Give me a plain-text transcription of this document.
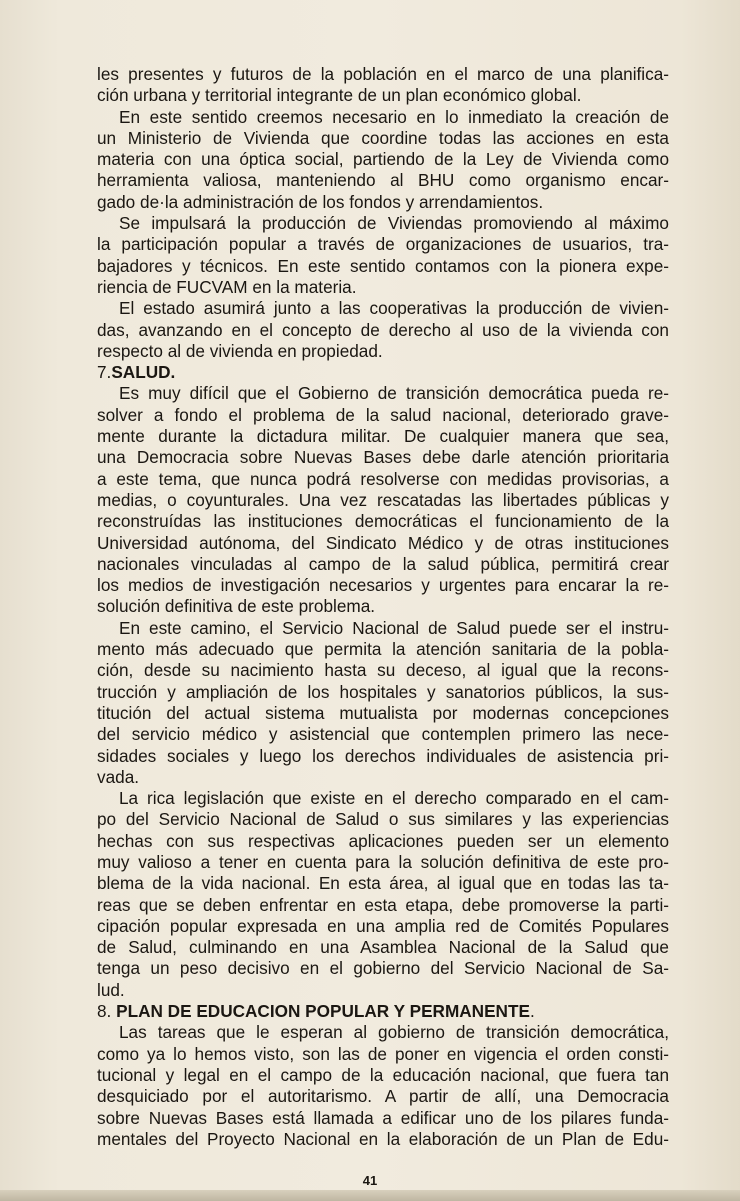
les presentes y futuros de la población en el marco de una planifica-
ción urbana y territorial integrante de un plan económico global.
En este sentido creemos necesario en lo inmediato la creación de
un Ministerio de Vivienda que coordine todas las acciones en esta
materia con una óptica social, partiendo de la Ley de Vivienda como
herramienta valiosa, manteniendo al BHU como organismo encar-
gado de·la administración de los fondos y arrendamientos.
Se impulsará la producción de Viviendas promoviendo al máximo
la participación popular a través de organizaciones de usuarios, tra-
bajadores y técnicos. En este sentido contamos con la pionera expe-
riencia de FUCVAM en la materia.
El estado asumirá junto a las cooperativas la producción de vivien-
das, avanzando en el concepto de derecho al uso de la vivienda con
respecto al de vivienda en propiedad.
7.SALUD.
Es muy difícil que el Gobierno de transición democrática pueda re-
solver a fondo el problema de la salud nacional, deteriorado grave-
mente durante la dictadura militar. De cualquier manera que sea,
una Democracia sobre Nuevas Bases debe darle atención prioritaria
a este tema, que nunca podrá resolverse con medidas provisorias, a
medias, o coyunturales. Una vez rescatadas las libertades públicas y
reconstruídas las instituciones democráticas el funcionamiento de la
Universidad autónoma, del Sindicato Médico y de otras instituciones
nacionales vinculadas al campo de la salud pública, permitirá crear
los medios de investigación necesarios y urgentes para encarar la re-
solución definitiva de este problema.
En este camino, el Servicio Nacional de Salud puede ser el instru-
mento más adecuado que permita la atención sanitaria de la pobla-
ción, desde su nacimiento hasta su deceso, al igual que la recons-
trucción y ampliación de los hospitales y sanatorios públicos, la sus-
titución del actual sistema mutualista por modernas concepciones
del servicio médico y asistencial que contemplen primero las nece-
sidades sociales y luego los derechos individuales de asistencia pri-
vada.
La rica legislación que existe en el derecho comparado en el cam-
po del Servicio Nacional de Salud o sus similares y las experiencias
hechas con sus respectivas aplicaciones pueden ser un elemento
muy valioso a tener en cuenta para la solución definitiva de este pro-
blema de la vida nacional. En esta área, al igual que en todas las ta-
reas que se deben enfrentar en esta etapa, debe promoverse la parti-
cipación popular expresada en una amplia red de Comités Populares
de Salud, culminando en una Asamblea Nacional de la Salud que
tenga un peso decisivo en el gobierno del Servicio Nacional de Sa-
lud.
8. PLAN DE EDUCACION POPULAR Y PERMANENTE.
Las tareas que le esperan al gobierno de transición democrática,
como ya lo hemos visto, son las de poner en vigencia el orden consti-
tucional y legal en el campo de la educación nacional, que fuera tan
desquiciado por el autoritarismo. A partir de allí, una Democracia
sobre Nuevas Bases está llamada a edificar uno de los pilares funda-
mentales del Proyecto Nacional en la elaboración de un Plan de Edu-
41
